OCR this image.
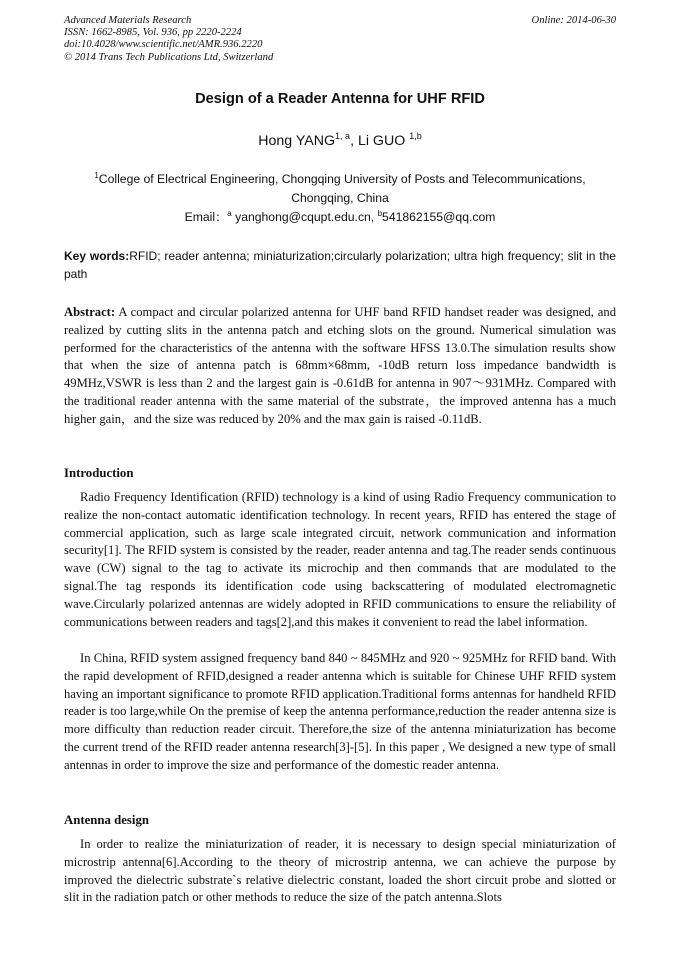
Advanced Materials Research
ISSN: 1662-8985, Vol. 936, pp 2220-2224
doi:10.4028/www.scientific.net/AMR.936.2220
© 2014 Trans Tech Publications Ltd, Switzerland
Online: 2014-06-30
Design of a Reader Antenna for UHF RFID
Hong YANG$^{1, a}$, Li GUO $^{1,b}$
$^1$College of Electrical Engineering, Chongqing University of Posts and Telecommunications, Chongqing, China
Email：$^a$ yanghong@cqupt.edu.cn, $^b$541862155@qq.com
Key words:RFID; reader antenna; miniaturization;circularly polarization; ultra high frequency; slit in the path
Abstract: A compact and circular polarized antenna for UHF band RFID handset reader was designed, and realized by cutting slits in the antenna patch and etching slots on the ground. Numerical simulation was performed for the characteristics of the antenna with the software HFSS 13.0.The simulation results show that when the size of antenna patch is 68mm×68mm, -10dB return loss impedance bandwidth is 49MHz,VSWR is less than 2 and the largest gain is -0.61dB for antenna in 907～931MHz. Compared with the traditional reader antenna with the same material of the substrate，the improved antenna has a much higher gain，and the size was reduced by 20% and the max gain is raised -0.11dB.
Introduction

Radio Frequency Identification (RFID) technology is a kind of using Radio Frequency communication to realize the non-contact automatic identification technology. In recent years, RFID has entered the stage of commercial application, such as large scale integrated circuit, network communication and information security[1]. The RFID system is consisted by the reader, reader antenna and tag.The reader sends continuous wave (CW) signal to the tag to activate its microchip and then commands that are modulated to the signal.The tag responds its identification code using backscattering of modulated electromagnetic wave.Circularly polarized antennas are widely adopted in RFID communications to ensure the reliability of communications between readers and tags[2],and this makes it convenient to read the label information.

In China, RFID system assigned frequency band 840 ~ 845MHz and 920 ~ 925MHz for RFID band. With the rapid development of RFID,designed a reader antenna which is suitable for Chinese UHF RFID system having an important significance to promote RFID application.Traditional forms antennas for handheld RFID reader is too large,while On the premise of keep the antenna performance,reduction the reader antenna size is more difficulty than reduction reader circuit. Therefore,the size of the antenna miniaturization has become the current trend of the RFID reader antenna research[3]-[5]. In this paper , We designed a new type of small antennas in order to improve the size and performance of the domestic reader antenna.

Antenna design

In order to realize the miniaturization of reader, it is necessary to design special miniaturization of microstrip antenna[6].According to the theory of microstrip antenna, we can achieve the purpose by improved the dielectric substrate`s relative dielectric constant, loaded the short circuit probe and slotted or slit in the radiation patch or other methods to reduce the size of the patch antenna.Slots
